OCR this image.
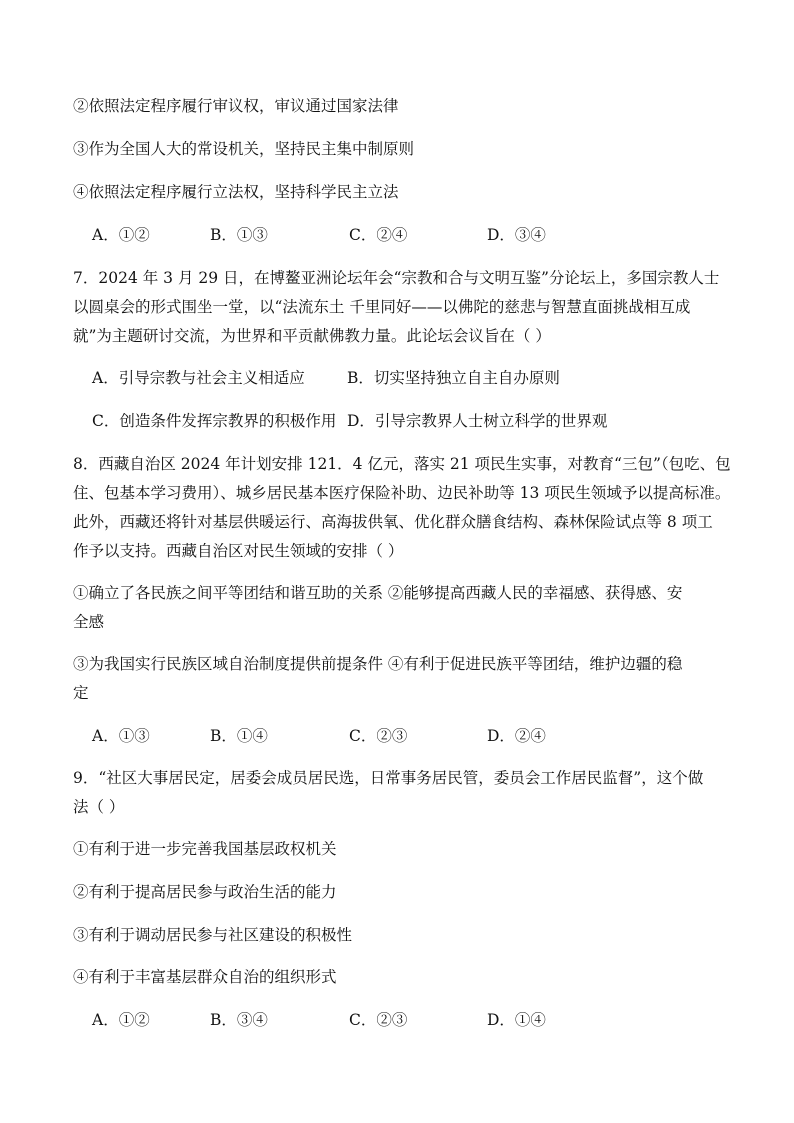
②依照法定程序履行审议权，审议通过国家法律
③作为全国人大的常设机关，坚持民主集中制原则
④依照法定程序履行立法权，坚持科学民主立法
A．①②	B．①③	C．②④	D．③④
7．2024 年 3 月 29 日，在博鳌亚洲论坛年会“宗教和合与文明互鉴”分论坛上，多国宗教人士
以圆桌会的形式围坐一堂，以“法流东土 千里同好——以佛陀的慈悲与智慧直面挑战相互成
就”为主题研讨交流，为世界和平贡献佛教力量。此论坛会议旨在（ ）
A．引导宗教与社会主义相适应	B．切实坚持独立自主自办原则
C．创造条件发挥宗教界的积极作用 D．引导宗教界人士树立科学的世界观
8．西藏自治区 2024 年计划安排 121．4 亿元，落实 21 项民生实事，对教育“三包”（包吃、包
住、包基本学习费用）、城乡居民基本医疗保险补助、边民补助等 13 项民生领域予以提高标准。
此外，西藏还将针对基层供暖运行、高海拔供氧、优化群众膳食结构、森林保险试点等 8 项工
作予以支持。西藏自治区对民生领域的安排（ ）
①确立了各民族之间平等团结和谐互助的关系 ②能够提高西藏人民的幸福感、获得感、安
全感
③为我国实行民族区域自治制度提供前提条件 ④有利于促进民族平等团结，维护边疆的稳
定
A．①③	B．①④	C．②③	D．②④
9．“社区大事居民定，居委会成员居民选，日常事务居民管，委员会工作居民监督”，这个做
法（ ）
①有利于进一步完善我国基层政权机关
②有利于提高居民参与政治生活的能力
③有利于调动居民参与社区建设的积极性
④有利于丰富基层群众自治的组织形式
A．①②	B．③④	C．②③	D．①④
